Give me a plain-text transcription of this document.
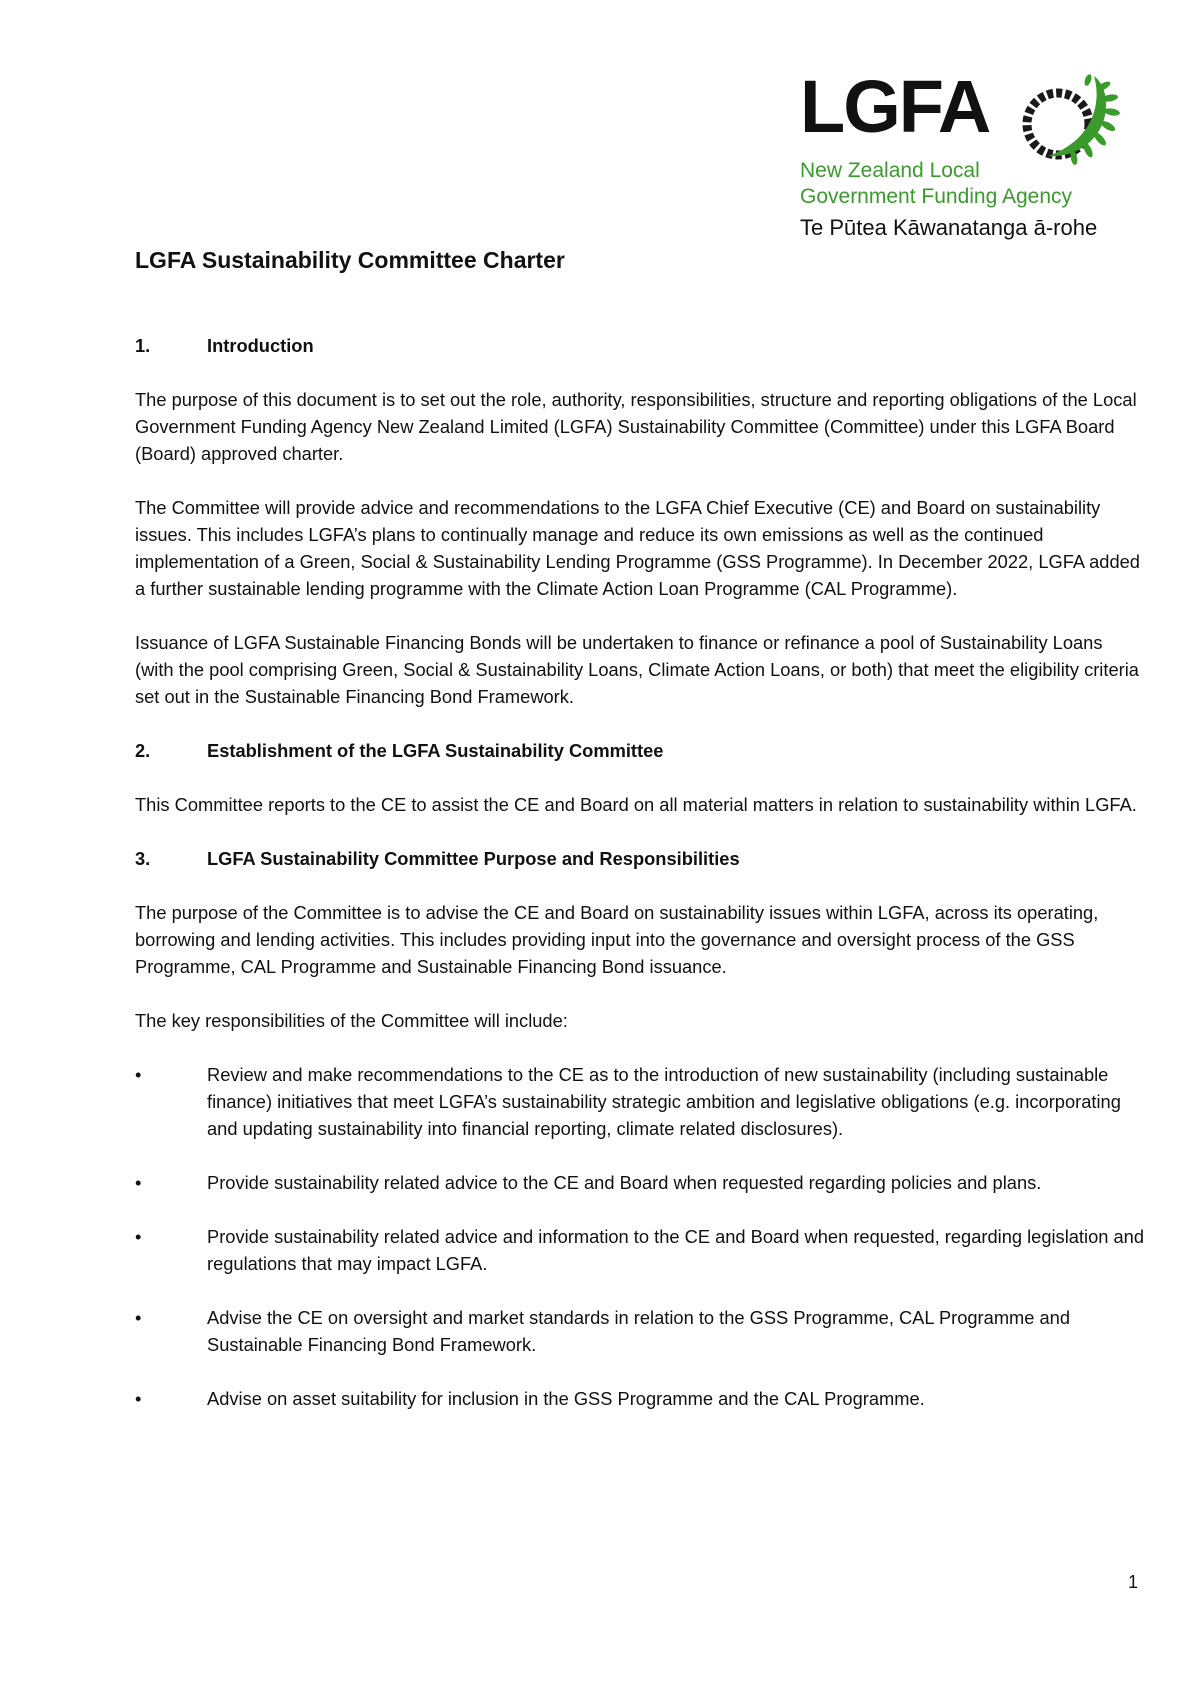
LGFA
New Zealand Local
Government Funding Agency
Te Pūtea Kāwanatanga ā-rohe
LGFA Sustainability Committee Charter
1.	Introduction

The purpose of this document is to set out the role, authority, responsibilities, structure and reporting obligations of the Local Government Funding Agency New Zealand Limited (LGFA) Sustainability Committee (Committee) under this LGFA Board (Board) approved charter.

The Committee will provide advice and recommendations to the LGFA Chief Executive (CE) and Board on sustainability issues. This includes LGFA’s plans to continually manage and reduce its own emissions as well as the continued implementation of a Green, Social & Sustainability Lending Programme (GSS Programme). In December 2022, LGFA added a further sustainable lending programme with the Climate Action Loan Programme (CAL Programme).

Issuance of LGFA Sustainable Financing Bonds will be undertaken to finance or refinance a pool of Sustainability Loans (with the pool comprising Green, Social & Sustainability Loans, Climate Action Loans, or both) that meet the eligibility criteria set out in the Sustainable Financing Bond Framework.

2.	Establishment of the LGFA Sustainability Committee

This Committee reports to the CE to assist the CE and Board on all material matters in relation to sustainability within LGFA.

3.	LGFA Sustainability Committee Purpose and Responsibilities

The purpose of the Committee is to advise the CE and Board on sustainability issues within LGFA, across its operating, borrowing and lending activities. This includes providing input into the governance and oversight process of the GSS Programme, CAL Programme and Sustainable Financing Bond issuance.

The key responsibilities of the Committee will include:

•	Review and make recommendations to the CE as to the introduction of new sustainability (including sustainable finance) initiatives that meet LGFA’s sustainability strategic ambition and legislative obligations (e.g. incorporating and updating sustainability into financial reporting, climate related disclosures).
•	Provide sustainability related advice to the CE and Board when requested regarding policies and plans.
•	Provide sustainability related advice and information to the CE and Board when requested, regarding legislation and regulations that may impact LGFA.
•	Advise the CE on oversight and market standards in relation to the GSS Programme, CAL Programme and Sustainable Financing Bond Framework.
•	Advise on asset suitability for inclusion in the GSS Programme and the CAL Programme.
1
